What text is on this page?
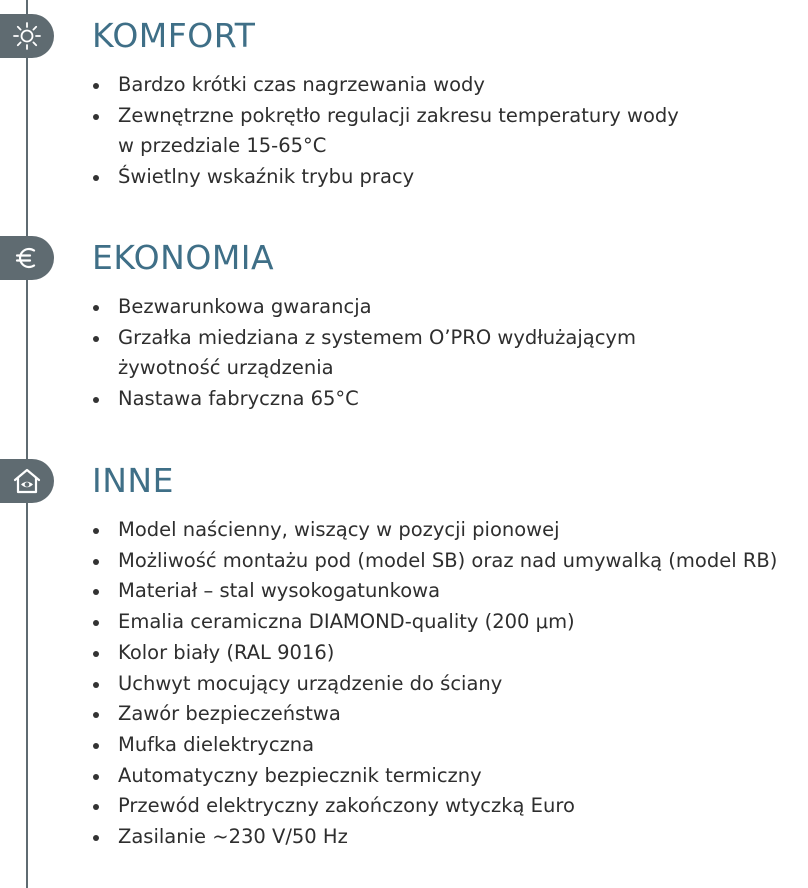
KOMFORT
Bardzo krótki czas nagrzewania wody
Zewnętrzne pokrętło regulacji zakresu temperatury wody
w przedziale 15-65°C
Świetlny wskaźnik trybu pracy
EKONOMIA
Bezwarunkowa gwarancja
Grzałka miedziana z systemem O’PRO wydłużającym
żywotność urządzenia
Nastawa fabryczna 65°C
INNE
Model naścienny, wiszący w pozycji pionowej
Możliwość montażu pod (model SB) oraz nad umywalką (model RB)
Materiał – stal wysokogatunkowa
Emalia ceramiczna DIAMOND-quality (200 μm)
Kolor biały (RAL 9016)
Uchwyt mocujący urządzenie do ściany
Zawór bezpieczeństwa
Mufka dielektryczna
Automatyczny bezpiecznik termiczny
Przewód elektryczny zakończony wtyczką Euro
Zasilanie ~230 V/50 Hz
